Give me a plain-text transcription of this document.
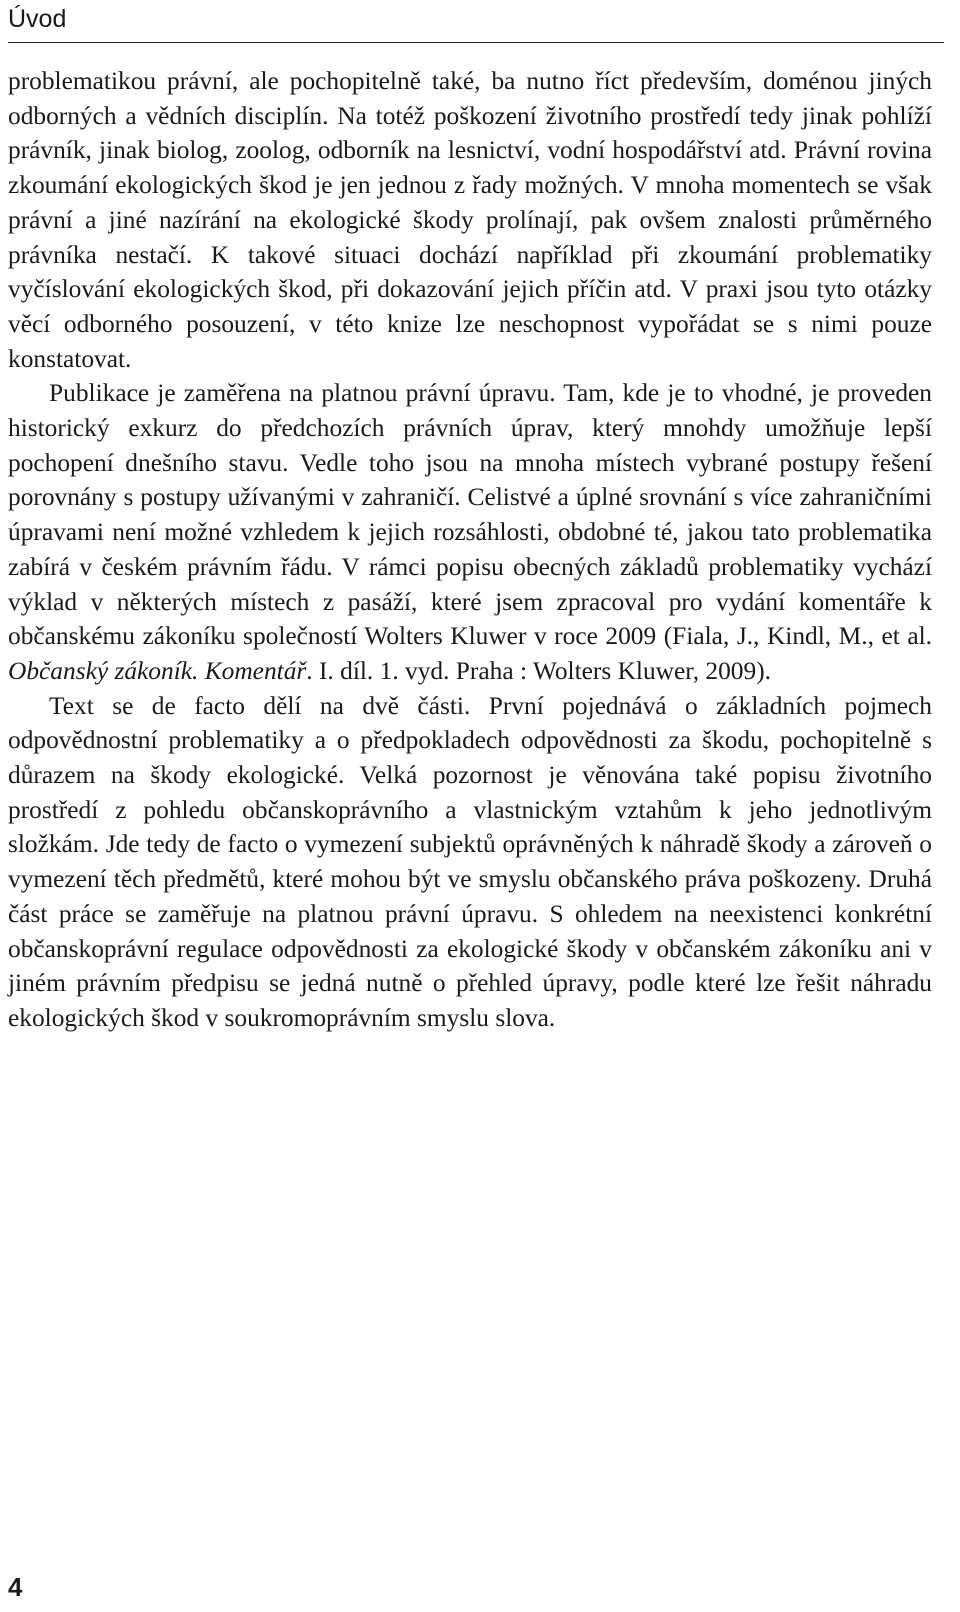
Úvod

problematikou právní, ale pochopitelně také, ba nutno říct především, doménou jiných odborných a vědních disciplín. Na totéž poškození životního prostředí tedy jinak pohlíží právník, jinak biolog, zoolog, odborník na lesnictví, vodní hospodářství atd. Právní rovina zkoumání ekologických škod je jen jednou z řady možných. V mnoha momentech se však právní a jiné nazírání na ekologické škody prolínají, pak ovšem znalosti průměrného právníka nestačí. K takové situaci dochází například při zkoumání problematiky vyčíslování ekologických škod, při dokazování jejich příčin atd. V praxi jsou tyto otázky věcí odborného posouzení, v této knize lze neschopnost vypořádat se s nimi pouze konstatovat.

Publikace je zaměřena na platnou právní úpravu. Tam, kde je to vhodné, je proveden historický exkurz do předchozích právních úprav, který mnohdy umožňuje lepší pochopení dnešního stavu. Vedle toho jsou na mnoha místech vybrané postupy řešení porovnány s postupy užívanými v zahraničí. Celistvé a úplné srovnání s více zahraničními úpravami není možné vzhledem k jejich rozsáhlosti, obdobné té, jakou tato problematika zabírá v českém právním řádu. V rámci popisu obecných základů problematiky vychází výklad v některých místech z pasáží, které jsem zpracoval pro vydání komentáře k občanskému zákoníku společností Wolters Kluwer v roce 2009 (Fiala, J., Kindl, M., et al. Občanský zákoník. Komentář. I. díl. 1. vyd. Praha : Wolters Kluwer, 2009).

Text se de facto dělí na dvě části. První pojednává o základních pojmech odpovědnostní problematiky a o předpokladech odpovědnosti za škodu, pochopitelně s důrazem na škody ekologické. Velká pozornost je věnována také popisu životního prostředí z pohledu občanskoprávního a vlastnickým vztahům k jeho jednotlivým složkám. Jde tedy de facto o vymezení subjektů oprávněných k náhradě škody a zároveň o vymezení těch předmětů, které mohou být ve smyslu občanského práva poškozeny. Druhá část práce se zaměřuje na platnou právní úpravu. S ohledem na neexistenci konkrétní občanskoprávní regulace odpovědnosti za ekologické škody v občanském zákoníku ani v jiném právním předpisu se jedná nutně o přehled úpravy, podle které lze řešit náhradu ekologických škod v soukromoprávním smyslu slova.

4
